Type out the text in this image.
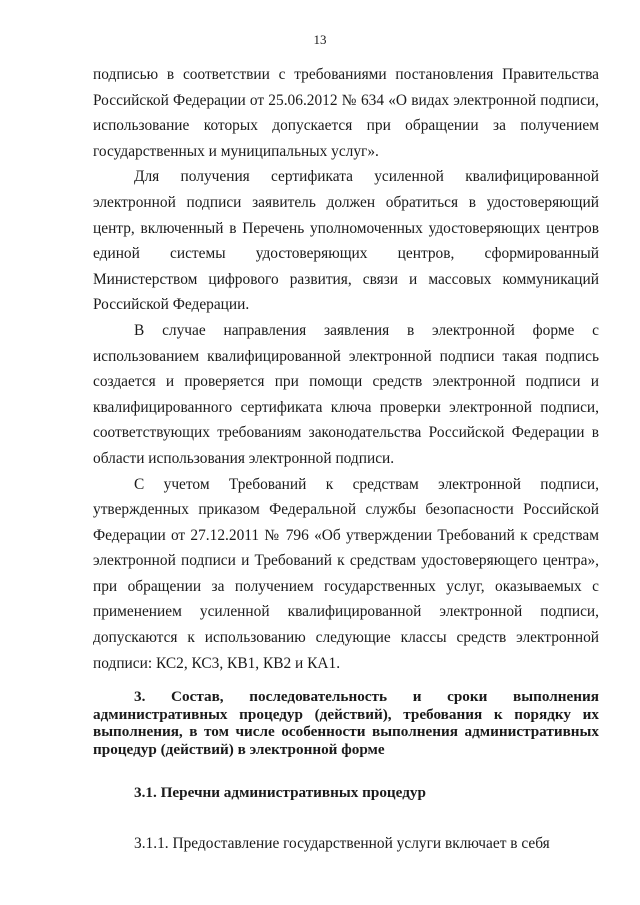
13

подписью в соответствии с требованиями постановления Правительства Российской Федерации от 25.06.2012 № 634 «О видах электронной подписи, использование которых допускается при обращении за получением государственных и муниципальных услуг».

Для получения сертификата усиленной квалифицированной электронной подписи заявитель должен обратиться в удостоверяющий центр, включенный в Перечень уполномоченных удостоверяющих центров единой системы удостоверяющих центров, сформированный Министерством цифрового развития, связи и массовых коммуникаций Российской Федерации.

В случае направления заявления в электронной форме с использованием квалифицированной электронной подписи такая подпись создается и проверяется при помощи средств электронной подписи и квалифицированного сертификата ключа проверки электронной подписи, соответствующих требованиям законодательства Российской Федерации в области использования электронной подписи.

С учетом Требований к средствам электронной подписи, утвержденных приказом Федеральной службы безопасности Российской Федерации от 27.12.2011 № 796 «Об утверждении Требований к средствам электронной подписи и Требований к средствам удостоверяющего центра», при обращении за получением государственных услуг, оказываемых с применением усиленной квалифицированной электронной подписи, допускаются к использованию следующие классы средств электронной подписи: КС2, КС3, КВ1, КВ2 и КА1.

3. Состав, последовательность и сроки выполнения административных процедур (действий), требования к порядку их выполнения, в том числе особенности выполнения административных процедур (действий) в электронной форме

3.1. Перечни административных процедур

3.1.1. Предоставление государственной услуги включает в себя
